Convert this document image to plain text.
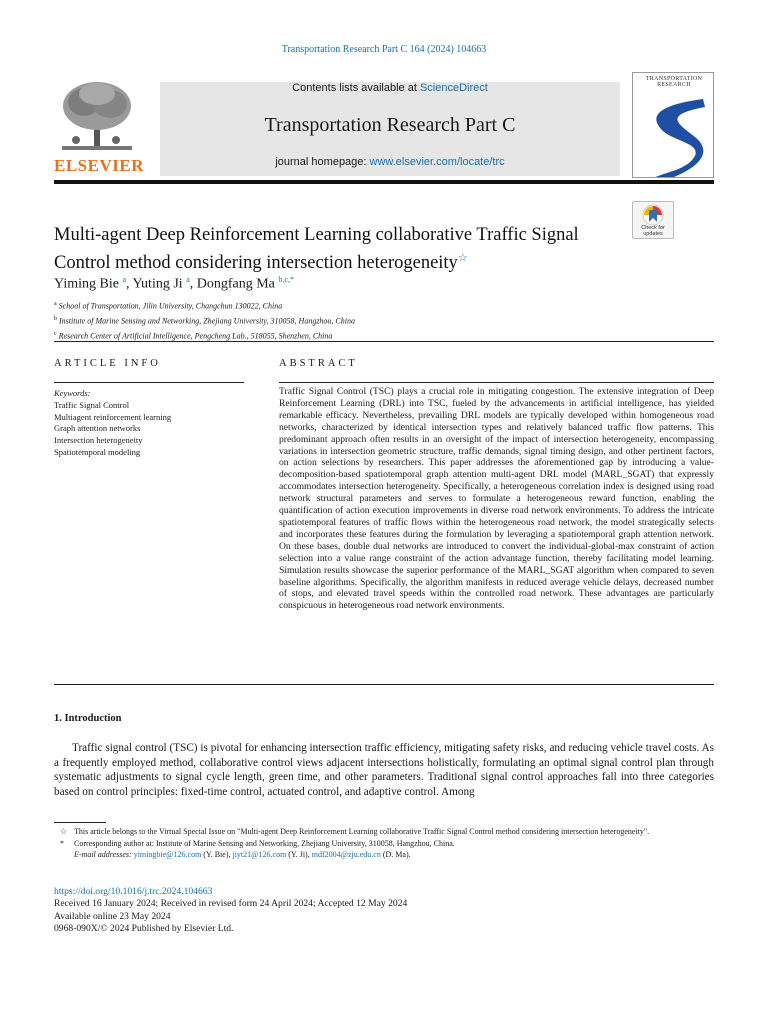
Transportation Research Part C 164 (2024) 104663
ELSEVIER
Contents lists available at ScienceDirect
Transportation Research Part C
journal homepage: www.elsevier.com/locate/trc
TRANSPORTATION RESEARCH
Check for updates
Multi-agent Deep Reinforcement Learning collaborative Traffic Signal Control method considering intersection heterogeneity☆
Yiming Bie $^a$, Yuting Ji $^a$, Dongfang Ma $^{b,c,*}$
$^a$ School of Transportation, Jilin University, Changchun 130022, China
$^b$ Institute of Marine Sensing and Networking, Zhejiang University, 310058, Hangzhou, China
$^c$ Research Center of Artificial Intelligence, Pengcheng Lab., 518055, Shenzhen, China
ARTICLE INFO	ABSTRACT
Keywords:
Traffic Signal Control
Multiagent reinforcement learning
Graph attention networks
Intersection heterogeneity
Spatiotemporal modeling
Traffic Signal Control (TSC) plays a crucial role in mitigating congestion. The extensive integration of Deep Reinforcement Learning (DRL) into TSC, fueled by the advancements in artificial intelligence, has yielded remarkable efficacy. Nevertheless, prevailing DRL models are typically developed within homogeneous road networks, characterized by identical intersection types and relatively balanced traffic flow patterns. This predominant approach often results in an oversight of the impact of intersection heterogeneity, encompassing variations in intersection geometric structure, traffic demands, signal timing design, and other pertinent factors, on action selections by researchers. This paper addresses the aforementioned gap by introducing a value-decomposition-based spatiotemporal graph attention multi-agent DRL model (MARL_SGAT) that expressly accommodates intersection heterogeneity. Specifically, a heterogeneous correlation index is designed using road network structural parameters and serves to formulate a heterogeneous reward function, enabling the quantification of action execution improvements in diverse road network environments. To address the intricate spatiotemporal features of traffic flows within the heterogeneous road network, the model strategically selects and incorporates these features during the formulation by leveraging a spatiotemporal graph attention network. On these bases, double dual networks are introduced to convert the individual-global-max constraint of action selection into a value range constraint of the action advantage function, thereby facilitating model learning. Simulation results showcase the superior performance of the MARL_SGAT algorithm when compared to seven baseline algorithms. Specifically, the algorithm manifests in reduced average vehicle delays, decreased number of stops, and elevated travel speeds within the controlled road network. These advantages are particularly conspicuous in heterogeneous road network environments.
1. Introduction
Traffic signal control (TSC) is pivotal for enhancing intersection traffic efficiency, mitigating safety risks, and reducing vehicle travel costs. As a frequently employed method, collaborative control views adjacent intersections holistically, formulating an optimal signal control plan through systematic adjustments to signal cycle length, green time, and other parameters. Traditional signal control approaches fall into three categories based on control principles: fixed-time control, actuated control, and adaptive control. Among
☆ This article belongs to the Virtual Special Issue on "Multi-agent Deep Reinforcement Learning collaborative Traffic Signal Control method considering intersection heterogeneity".
* Corresponding author at: Institute of Marine Sensing and Networking, Zhejiang University, 310058, Hangzhou, China.
E-mail addresses: yimingbie@126.com (Y. Bie), jiyt21@126.com (Y. Ji), mdf2004@zju.edu.cn (D. Ma).
https://doi.org/10.1016/j.trc.2024.104663
Received 16 January 2024; Received in revised form 24 April 2024; Accepted 12 May 2024
Available online 23 May 2024
0968-090X/© 2024 Published by Elsevier Ltd.
